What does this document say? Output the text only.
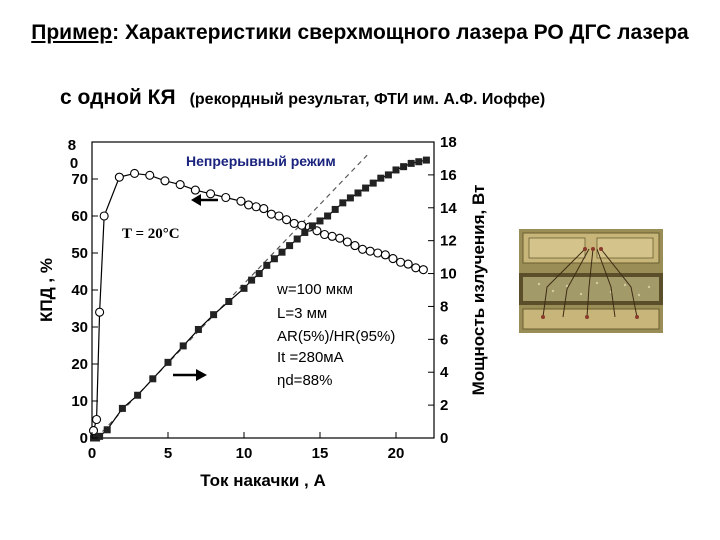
Пример: Характеристики сверхмощного лазера РО ДГС лазера
с одной КЯ (рекордный результат, ФТИ им. А.Ф. Иоффе)
0	5	10	15	20
0
10
20
30
40
50
60
70
0
2
4
6
8
10
12
14
16
18
Непрерывный режим
T = 20°C
w=100 мкм
L=3 мм
AR(5%)/HR(95%)
It =280мА
ηd=88%
Ток накачки , А
КПД , %	Мощность излучения, Вт
8 0
